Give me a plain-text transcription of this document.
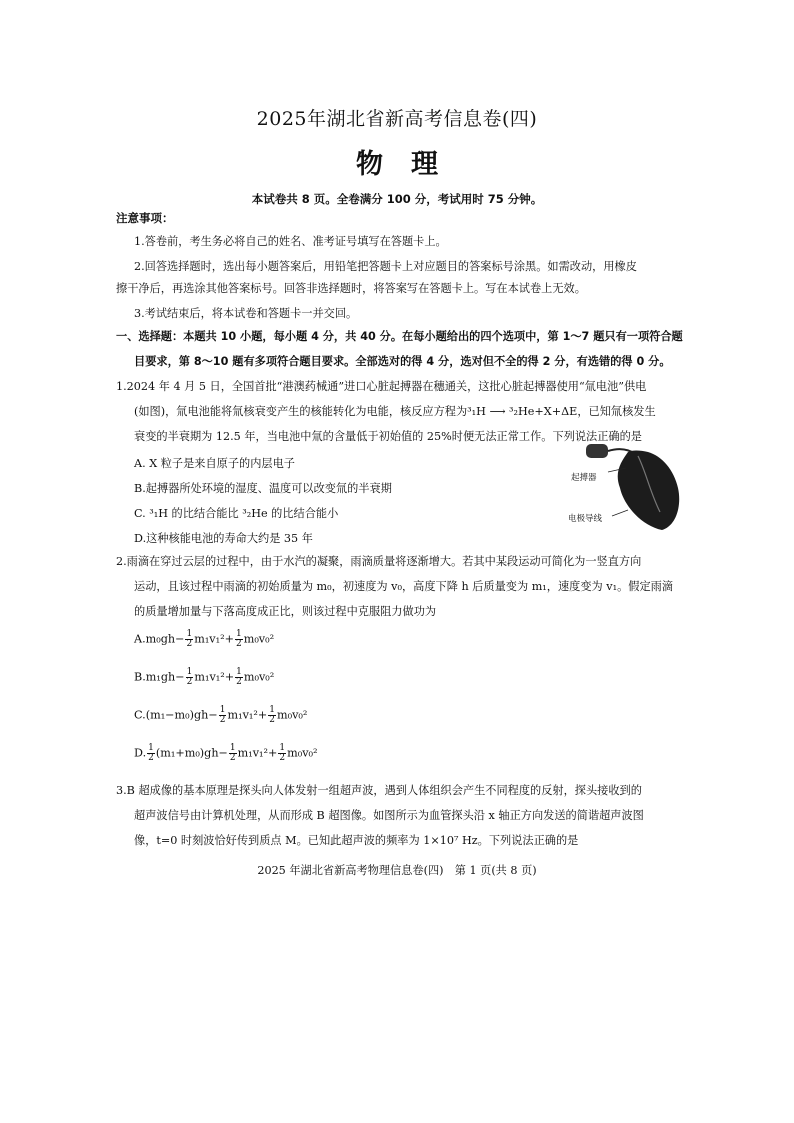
2025年湖北省新高考信息卷(四)
物 理
本试卷共 8 页。全卷满分 100 分，考试用时 75 分钟。
注意事项：
1.答卷前，考生务必将自己的姓名、准考证号填写在答题卡上。
2.回答选择题时，选出每小题答案后，用铅笔把答题卡上对应题目的答案标号涂黑。如需改动，用橡皮
擦干净后，再选涂其他答案标号。回答非选择题时，将答案写在答题卡上。写在本试卷上无效。
3.考试结束后，将本试卷和答题卡一并交回。
一、选择题：本题共 10 小题，每小题 4 分，共 40 分。在每小题给出的四个选项中，第 1～7 题只有一项符合题
目要求，第 8～10 题有多项符合题目要求。全部选对的得 4 分，选对但不全的得 2 分，有选错的得 0 分。
1.2024 年 4 月 5 日，全国首批“港澳药械通”进口心脏起搏器在穗通关，这批心脏起搏器使用“氚电池”供电
(如图)，氚电池能将氚核衰变产生的核能转化为电能，核反应方程为³₁H ⟶ ³₂He+X+ΔE，已知氚核发生
衰变的半衰期为 12.5 年，当电池中氚的含量低于初始值的 25%时便无法正常工作。下列说法正确的是
A. X 粒子是来自原子的内层电子
B.起搏器所处环境的湿度、温度可以改变氚的半衰期
C. ³₁H 的比结合能比 ³₂He 的比结合能小
D.这种核能电池的寿命大约是 35 年
起搏器
电极导线
2.雨滴在穿过云层的过程中，由于水汽的凝聚，雨滴质量将逐渐增大。若其中某段运动可简化为一竖直方向
运动，且该过程中雨滴的初始质量为 m₀，初速度为 v₀，高度下降 h 后质量变为 m₁，速度变为 v₁。假定雨滴
的质量增加量与下落高度成正比，则该过程中克服阻力做功为
$A.m_0gh- \frac{1}{2} m_1v_1^2+ \frac{1}{2} m_0v_0^2$
$B.m_1gh- \frac{1}{2} m_1v_1^2+ \frac{1}{2} m_0v_0^2$
$C.(m_1-m_0)gh- \frac{1}{2} m_1v_1^2+ \frac{1}{2} m_0v_0^2$
D. $\frac{1}{2} (m_1+m_0)gh- \frac{1}{2} m_1v_1^2+ \frac{1}{2} m_0v_0^2$
3.B 超成像的基本原理是探头向人体发射一组超声波，遇到人体组织会产生不同程度的反射，探头接收到的
超声波信号由计算机处理，从而形成 B 超图像。如图所示为血管探头沿 x 轴正方向发送的简谐超声波图
像，t=0 时刻波恰好传到质点 M。已知此超声波的频率为 1×10⁷ Hz。下列说法正确的是
2025 年湖北省新高考物理信息卷(四)　第 1 页(共 8 页)
